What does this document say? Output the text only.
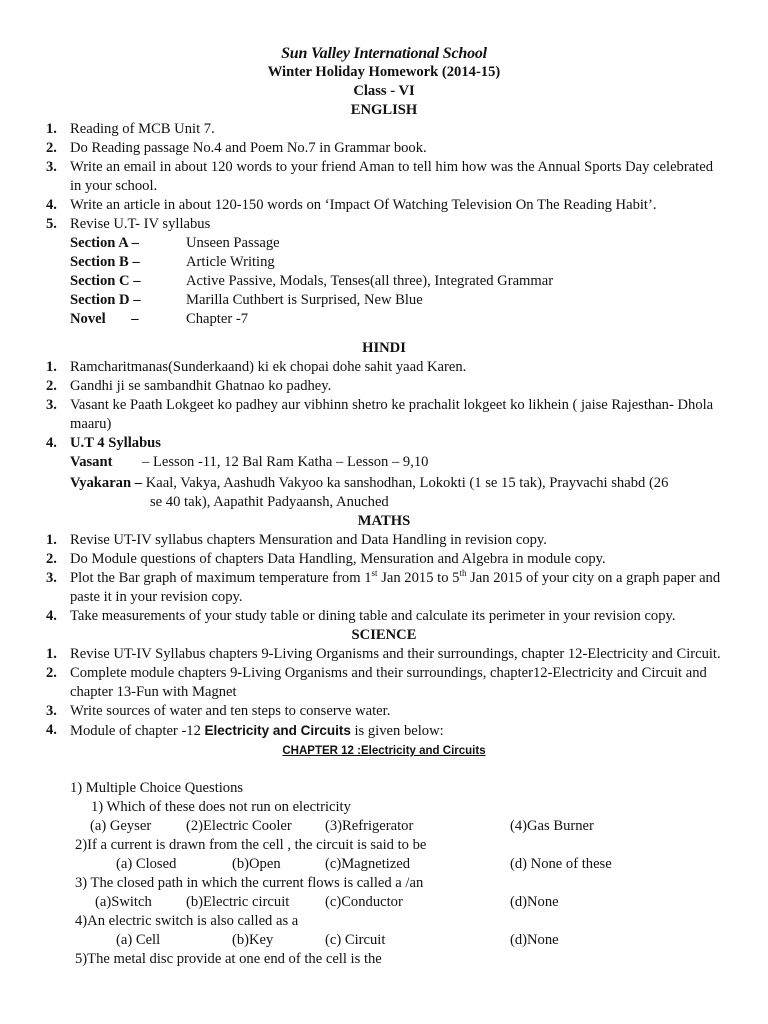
Sun Valley International School
Winter Holiday Homework (2014-15)
Class - VI
ENGLISH
1. Reading of MCB Unit 7.
2. Do Reading passage No.4 and Poem No.7 in Grammar book.
3. Write an email in about 120 words to your friend Aman to tell him how was the Annual Sports Day celebrated in your school.
4. Write an article in about 120-150 words on ‘Impact Of Watching Television On The Reading Habit’.
5. Revise U.T- IV syllabus
Section A –	Unseen Passage
Section B –	Article Writing
Section C –	Active Passive, Modals, Tenses(all three), Integrated Grammar
Section D –	Marilla Cuthbert is Surprised, New Blue
Novel       –	Chapter -7
HINDI
1. Ramcharitmanas(Sunderkaand) ki ek chopai dohe sahit yaad Karen.
2. Gandhi ji se sambandhit Ghatnao ko padhey.
3. Vasant ke Paath Lokgeet ko padhey aur vibhinn shetro ke prachalit lokgeet ko likhein ( jaise Rajesthan- Dhola maaru)
4. U.T 4 Syllabus
Vasant – Lesson -11, 12 Bal Ram Katha – Lesson – 9,10
Vyakaran – Kaal, Vakya, Aashudh Vakyoo ka sanshodhan, Lokokti (1 se 15 tak), Prayvachi shabd (26
se 40 tak), Aapathit Padyaansh, Anuched
MATHS
1. Revise UT-IV syllabus chapters Mensuration and Data Handling in revision copy.
2. Do Module questions of chapters Data Handling, Mensuration and Algebra in module copy.
3. Plot the Bar graph of maximum temperature from 1st Jan 2015 to 5th Jan 2015 of your city on a graph paper and paste it in your revision copy.
4. Take measurements of your study table or dining table and calculate its perimeter in your revision copy.
SCIENCE
1. Revise UT-IV Syllabus chapters 9-Living Organisms and their surroundings, chapter 12-Electricity and Circuit.
2. Complete module chapters 9-Living Organisms and their surroundings, chapter12-Electricity and Circuit and chapter 13-Fun with Magnet
3. Write sources of water and ten steps to conserve water.
4. Module of chapter -12 Electricity and Circuits is given below:
CHAPTER 12 :Electricity and Circuits
1) Multiple Choice Questions
1) Which of these does not run on electricity
(a) Geyser (2)Electric Cooler (3)Refrigerator	(4)Gas Burner
2)If a current is drawn from the cell , the circuit is said to be
(a) Closed	(b)Open	(c)Magnetized	(d) None of these
3) The closed path in which the current flows is called a /an
(a)Switch (b)Electric circuit (c)Conductor	(d)None
4)An electric switch is also called as a
(a) Cell	(b)Key	(c) Circuit	(d)None
5)The metal disc provide at one end of the cell is the
